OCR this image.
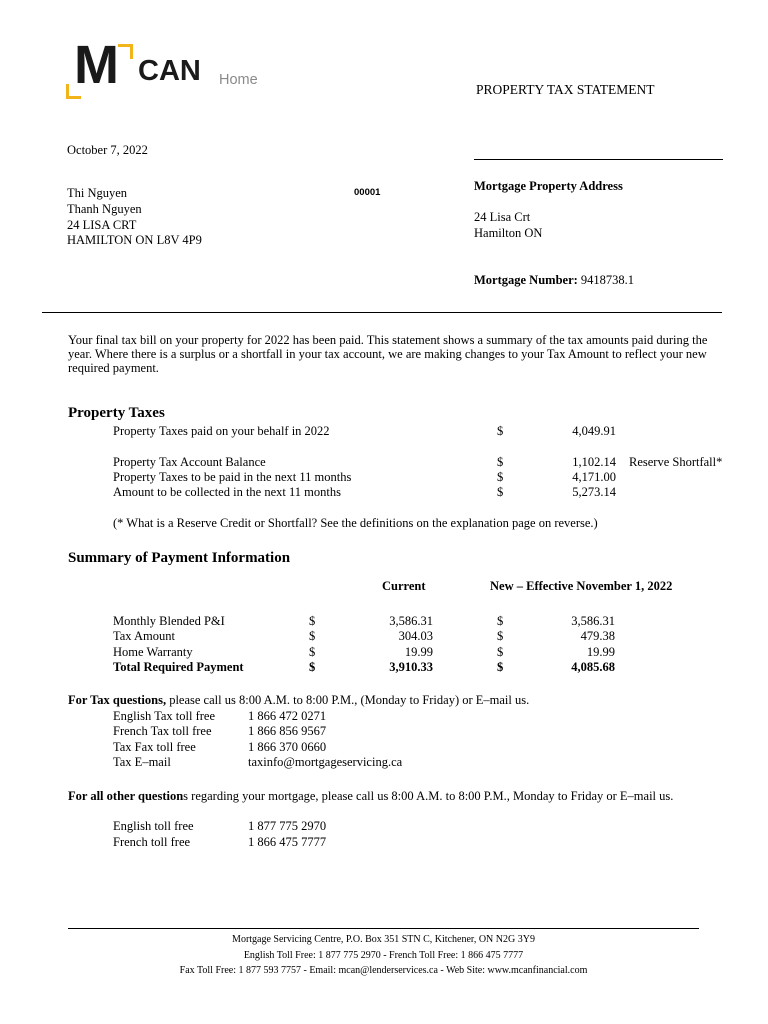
M CAN Home
PROPERTY TAX STATEMENT
October 7, 2022
Thi Nguyen
Thanh Nguyen
24 LISA CRT
HAMILTON ON L8V 4P9
00001	Mortgage Property Address
24 Lisa Crt
Hamilton ON
Mortgage Number: 9418738.1
Your final tax bill on your property for 2022 has been paid. This statement shows a summary of the tax amounts paid during the year. Where there is a surplus or a shortfall in your tax account, we are making changes to your Tax Amount to reflect your new required payment.
Property Taxes
Property Taxes paid on your behalf in 2022	$	4,049.91
Property Tax Account Balance	$	1,102.14 Reserve Shortfall*
Property Taxes to be paid in the next 11 months	$	4,171.00
Amount to be collected in the next 11 months	$	5,273.14
(* What is a Reserve Credit or Shortfall? See the definitions on the explanation page on reverse.)
Summary of Payment Information
Current	New – Effective November 1, 2022
Monthly Blended P&I	$	3,586.31	$	3,586.31
Tax Amount	$	304.03	$	479.38
Home Warranty	$	19.99	$	19.99
Total Required Payment	$	3,910.33	$	4,085.68
For Tax questions, please call us 8:00 A.M. to 8:00 P.M., (Monday to Friday) or E–mail us.
English Tax toll free	1 866 472 0271
French Tax toll free	1 866 856 9567
Tax Fax toll free	1 866 370 0660
Tax E–mail	taxinfo@mortgageservicing.ca
For all other questions regarding your mortgage, please call us 8:00 A.M. to 8:00 P.M., Monday to Friday or E–mail us.
English toll free	1 877 775 2970
French toll free	1 866 475 7777
Mortgage Servicing Centre, P.O. Box 351 STN C, Kitchener, ON N2G 3Y9
English Toll Free: 1 877 775 2970 - French Toll Free: 1 866 475 7777
Fax Toll Free: 1 877 593 7757 - Email: mcan@lenderservices.ca - Web Site: www.mcanfinancial.com
